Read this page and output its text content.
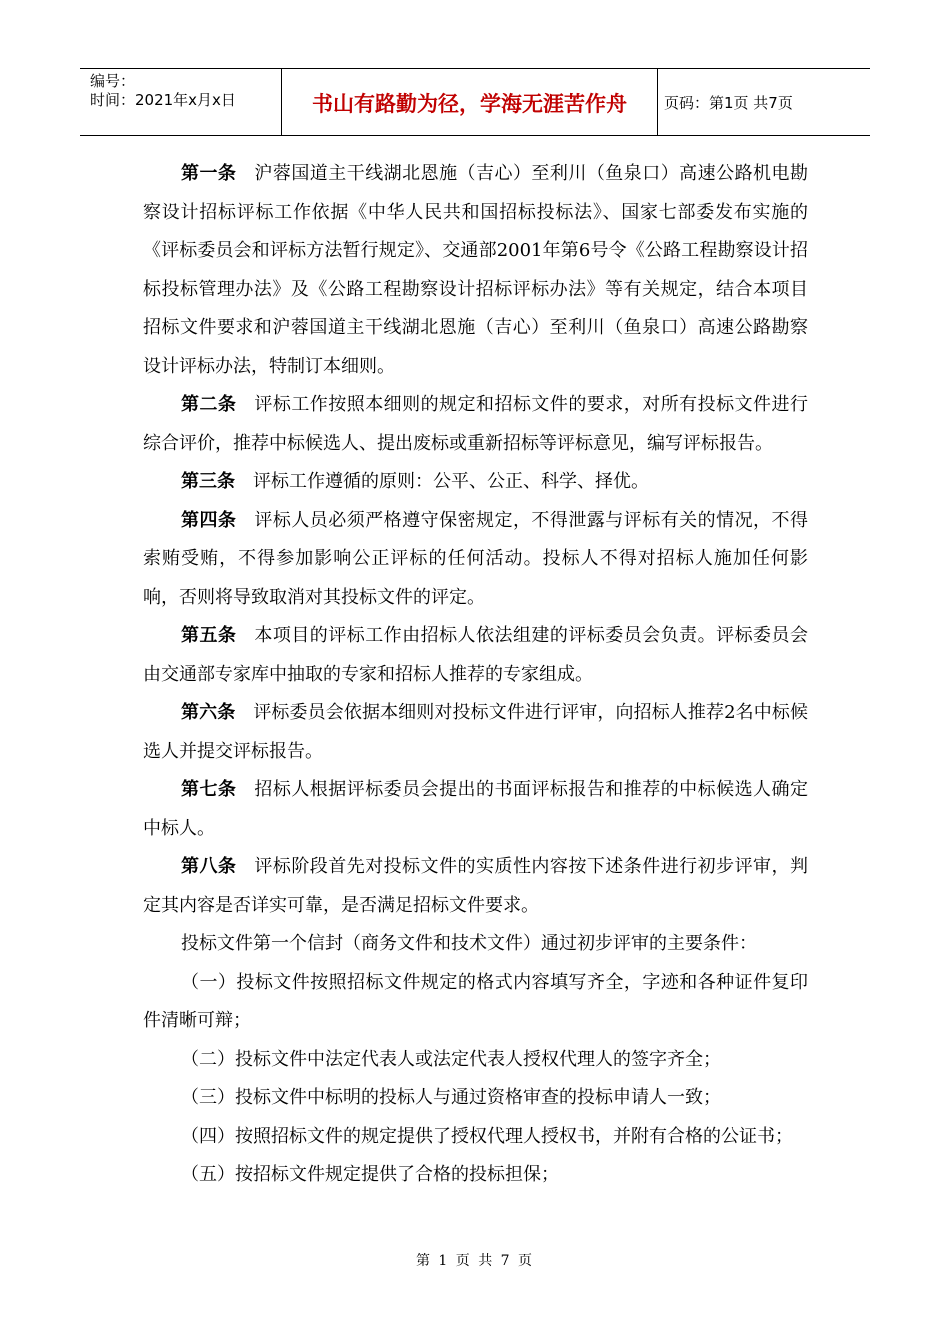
编号：
时间：2021年x月x日	书山有路勤为径，学海无涯苦作舟	页码：第1页 共7页

第一条 沪蓉国道主干线湖北恩施（吉心）至利川（鱼泉口）高速公路机电勘察设计招标评标工作依据《中华人民共和国招标投标法》、国家七部委发布实施的《评标委员会和评标方法暂行规定》、交通部2001年第6号令《公路工程勘察设计招标投标管理办法》及《公路工程勘察设计招标评标办法》等有关规定，结合本项目招标文件要求和沪蓉国道主干线湖北恩施（吉心）至利川（鱼泉口）高速公路勘察设计评标办法，特制订本细则。

第二条 评标工作按照本细则的规定和招标文件的要求，对所有投标文件进行综合评价，推荐中标候选人、提出废标或重新招标等评标意见，编写评标报告。

第三条 评标工作遵循的原则：公平、公正、科学、择优。

第四条 评标人员必须严格遵守保密规定，不得泄露与评标有关的情况，不得索贿受贿，不得参加影响公正评标的任何活动。投标人不得对招标人施加任何影响，否则将导致取消对其投标文件的评定。

第五条 本项目的评标工作由招标人依法组建的评标委员会负责。评标委员会由交通部专家库中抽取的专家和招标人推荐的专家组成。

第六条 评标委员会依据本细则对投标文件进行评审，向招标人推荐2名中标候选人并提交评标报告。

第七条 招标人根据评标委员会提出的书面评标报告和推荐的中标候选人确定中标人。

第八条 评标阶段首先对投标文件的实质性内容按下述条件进行初步评审，判定其内容是否详实可靠，是否满足招标文件要求。

投标文件第一个信封（商务文件和技术文件）通过初步评审的主要条件：

（一）投标文件按照招标文件规定的格式内容填写齐全，字迹和各种证件复印件清晰可辩；

（二）投标文件中法定代表人或法定代表人授权代理人的签字齐全；

（三）投标文件中标明的投标人与通过资格审查的投标申请人一致；

（四）按照招标文件的规定提供了授权代理人授权书，并附有合格的公证书；

（五）按招标文件规定提供了合格的投标担保；

第 1 页 共 7 页
